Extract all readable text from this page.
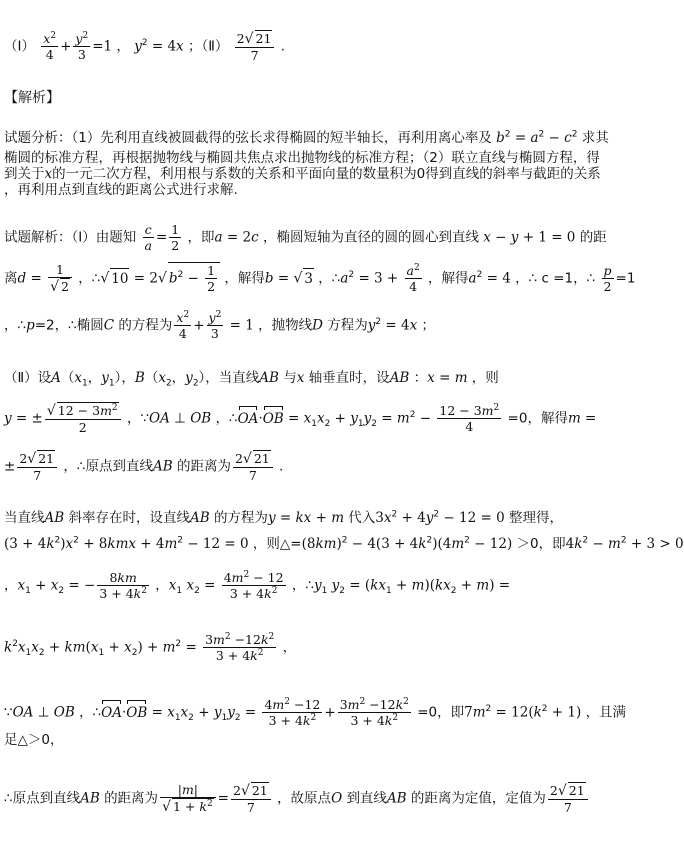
（Ⅰ） $\frac{x^2}{4} + \frac{y^2}{3} =1$ ， $y^2 = 4x$ ；（Ⅱ） $\frac{2√ 21}{7}$ .
【解析】
试题分析：（1）先利用直线被圆截得的弦长求得椭圆的短半轴长，再利用离心率及 $b^2 = a^2 - c^2$ 求其
椭圆的标准方程，再根据抛物线与椭圆共焦点求出抛物线的标准方程；（2）联立直线与椭圆方程，得
到关于x的一元二次方程，利用根与系数的关系和平面向量的数量积为0得到直线的斜率与截距的关系
，再利用点到直线的距离公式进行求解.
试题解析：（Ⅰ）由题知 $\frac{c}{a} = \frac{1}{2}$ ，即a = 2c ，椭圆短轴为直径的圆的圆心到直线 x − y + 1 = 0 的距
离$d = \frac{1}{√ 2}$ ，∴√ 10 = 2√ $b^2 - \frac{1}{2}$ ，解得b = √ 3 ，$\therefore a^2 = 3 + \frac{a^2}{4}$ ，解得$a^2 = 4$ ，∴ c =1，∴ $\frac{p}{2} =1$
，∴p=2，∴椭圆C 的方程为 $\frac{x^2}{4} + \frac{y^2}{3} = 1$ ，抛物线D 方程为$y^2 = 4x$ ；
（Ⅱ）设$A(x_1$，$y_1$），$B(x_2$，$y_2$），当直线AB 与x 轴垂直时，设AB ：x = m ，则
y = ± $\frac{√ 12 - 3m^2}{2}$ ，∵OA ⊥ OB ，∴OA·OB = $x_1x_2 + y_1y_2 = m^2 - \frac{12 - 3m^2}{4} =0$，解得m =
± $\frac{2√ 21}{7}$ ，∴原点到直线AB 的距离为 $\frac{2√ 21}{7}$ .
当直线AB 斜率存在时，设直线AB 的方程为y = kx + m 代入$3x^2 + 4y^2 - 12 = 0$ 整理得，
$(3 + 4k^2)x^2 + 8kmx + 4m^2 - 12 = 0$ ，则$\triangle=(8km)^2 - 4(3 + 4k^2)(4m^2 - 12) >0$，即$4k^2 - m^2 + 3 > 0$
，$x_1 + x_2$ = − $\frac{8km}{3 + 4k^2}$ ，$x_1$ $x_2 = \frac{4m^2 - 12}{3 + 4k^2}$ ，$\therefore y_1$ $y_2 = (kx_1 + m)(kx_2 + m)$ =
$k^2x_1x_2 + km(x_1 + x_2) + m^2 = \frac{3m^2 -12k^2}{3 + 4k^2}$ ，
∵OA ⊥ OB ，∴OA·OB = $x_1x_2 + y_1y_2 = \frac{4m^2 -12}{3 + 4k^2} + \frac{3m^2 -12k^2}{3 + 4k^2} =0$，即$7m^2 = 12(k^2 + 1)$ ，且满
足△＞0，
∴原点到直线AB 的距离为 $\frac{|m|}{√ 1 + k^2} = \frac{2√ 21}{7}$ ，故原点O 到直线AB 的距离为定值，定值为 $\frac{2√ 21}{7}$
